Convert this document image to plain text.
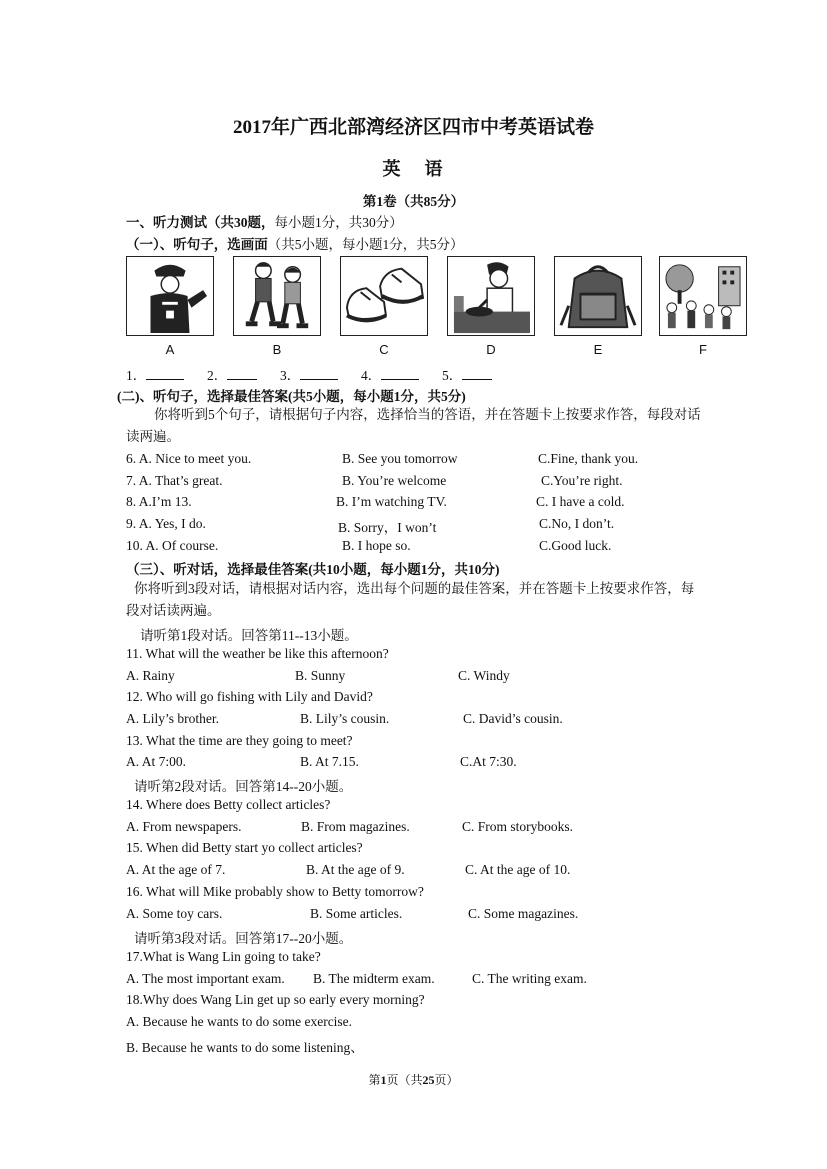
2017年广西北部湾经济区四市中考英语试卷
英 语
第1卷（共85分）
一、听力测试（共30题，每小题1分，共30分）
（一）、听句子，选画面（共5小题，每小题1分，共5分）
A	B	C	D	E	F
1．	2．	3．	4．	5．
(二)、听句子，选择最佳答案(共5小题，每小题1分，共5分)
你将听到5个句子，请根据句子内容，选择恰当的答语，并在答题卡上按要求作答，每段对话读两遍。
6. A. Nice to meet you.	B. See you tomorrow	C.Fine, thank you.
7. A. That’s great.	B. You’re welcome	C.You’re right.
8. A.I’m 13.	B. I’m watching TV.	C. I have a cold.
9. A. Yes, I do.	B. Sorry，I won’t	C.No, I don’t.
10. A. Of course.	B. I hope so.	C.Good luck.
（三）、听对话，选择最佳答案(共10小题，每小题1分，共10分)
你将听到3段对话，请根据对话内容，选出每个问题的最佳答案，并在答题卡上按要求作答，每段对话读两遍。
请听第1段对话。回答第11--13小题。
11. What will the weather be like this afternoon?
A. Rainy	B. Sunny	C. Windy
12. Who will go fishing with Lily and David?
A. Lily’s brother.	B. Lily’s cousin.	C. David’s cousin.
13. What the time are they going to meet?
A. At 7:00.	B. At 7.15.	C.At 7:30.
请听第2段对话。回答第14--20小题。
14. Where does Betty collect articles?
A. From newspapers.	B. From magazines.	C. From storybooks.
15. When did Betty start yo collect articles?
A. At the age of 7.	B. At the age of 9.	C. At the age of 10.
16. What will Mike probably show to Betty tomorrow?
A. Some toy cars.	B. Some articles.	C. Some magazines.
请听第3段对话。回答第17--20小题。
17.What is Wang Lin going to take?
A. The most important exam. B. The midterm exam.	C. The writing exam.
18.Why does Wang Lin get up so early every morning?
A. Because he wants to do some exercise.
B. Because he wants to do some listening、
第1页（共25页）
